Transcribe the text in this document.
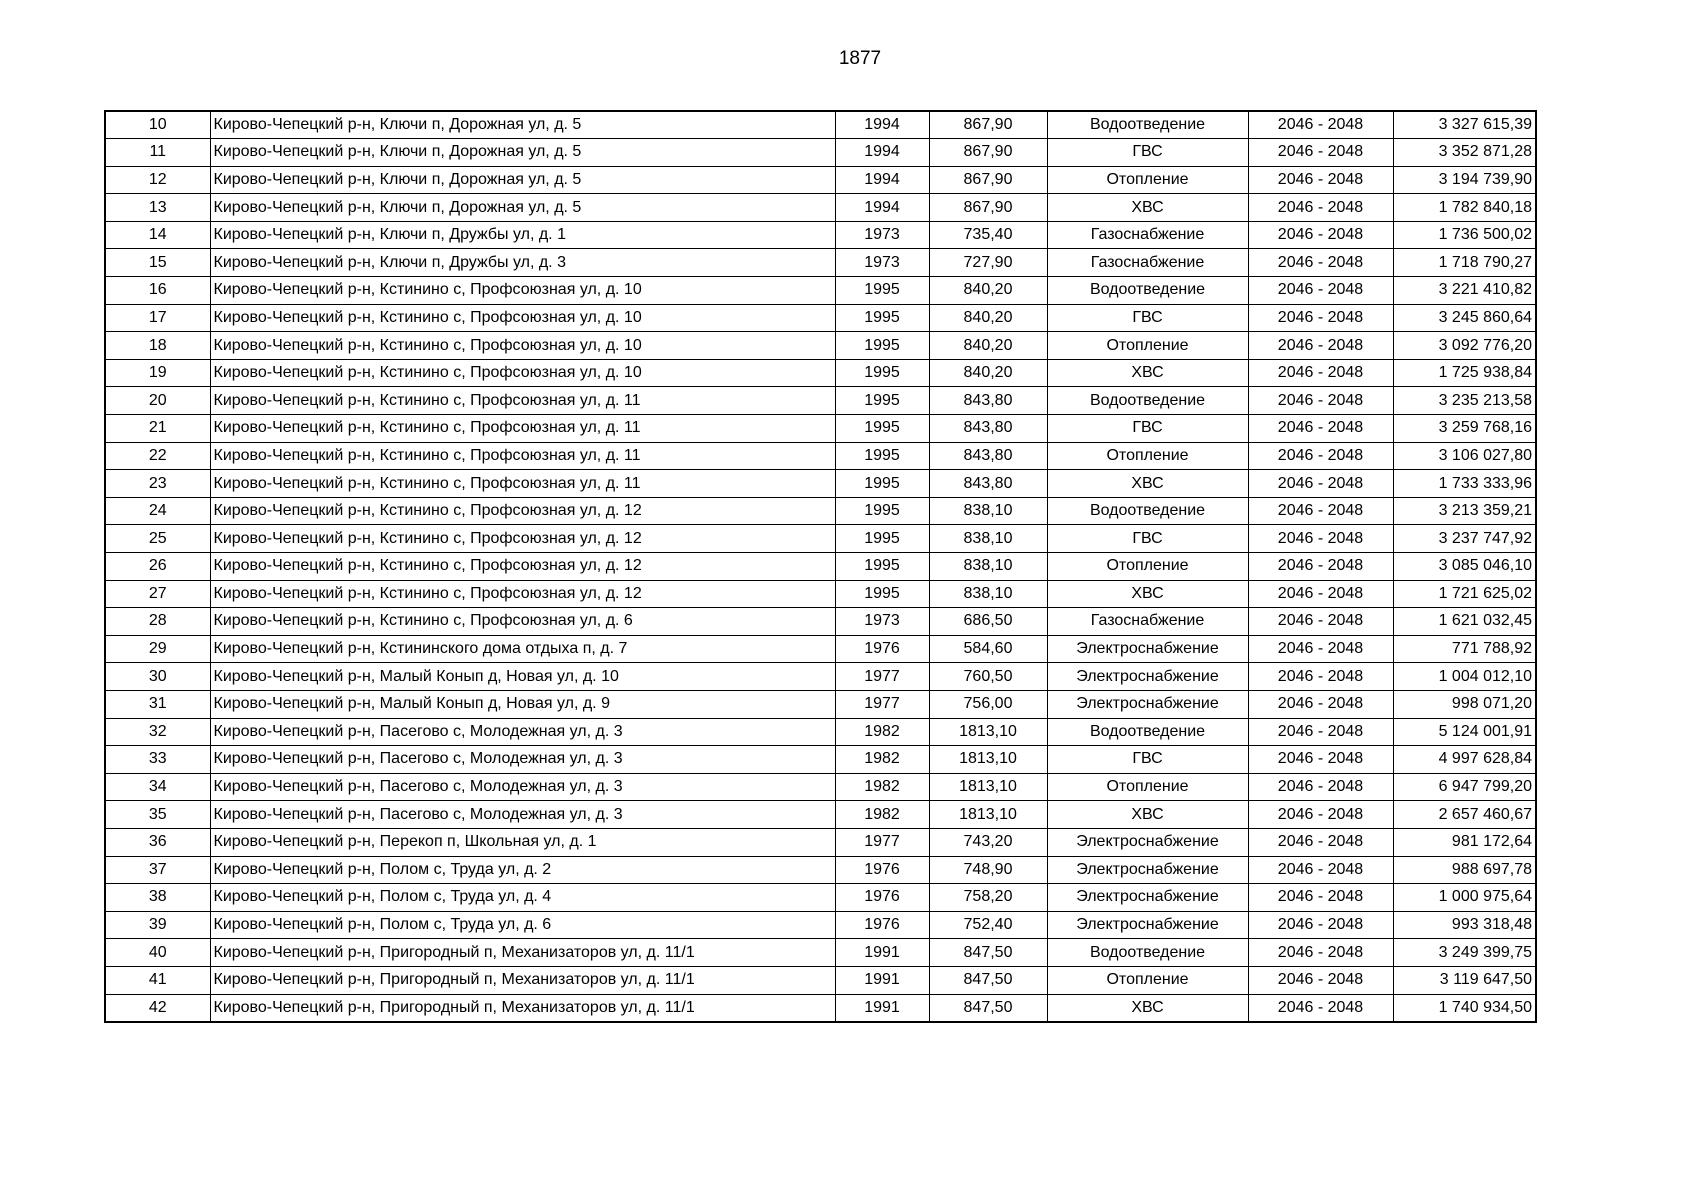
1877
10	Кирово-Чепецкий р-н, Ключи п, Дорожная ул, д. 5	1994	867,90	Водоотведение	2046 - 2048	3 327 615,39
11	Кирово-Чепецкий р-н, Ключи п, Дорожная ул, д. 5	1994	867,90	ГВС	2046 - 2048	3 352 871,28
12	Кирово-Чепецкий р-н, Ключи п, Дорожная ул, д. 5	1994	867,90	Отопление	2046 - 2048	3 194 739,90
13	Кирово-Чепецкий р-н, Ключи п, Дорожная ул, д. 5	1994	867,90	ХВС	2046 - 2048	1 782 840,18
14	Кирово-Чепецкий р-н, Ключи п, Дружбы ул, д. 1	1973	735,40	Газоснабжение	2046 - 2048	1 736 500,02
15	Кирово-Чепецкий р-н, Ключи п, Дружбы ул, д. 3	1973	727,90	Газоснабжение	2046 - 2048	1 718 790,27
16	Кирово-Чепецкий р-н, Кстинино с, Профсоюзная ул, д. 10	1995	840,20	Водоотведение	2046 - 2048	3 221 410,82
17	Кирово-Чепецкий р-н, Кстинино с, Профсоюзная ул, д. 10	1995	840,20	ГВС	2046 - 2048	3 245 860,64
18	Кирово-Чепецкий р-н, Кстинино с, Профсоюзная ул, д. 10	1995	840,20	Отопление	2046 - 2048	3 092 776,20
19	Кирово-Чепецкий р-н, Кстинино с, Профсоюзная ул, д. 10	1995	840,20	ХВС	2046 - 2048	1 725 938,84
20	Кирово-Чепецкий р-н, Кстинино с, Профсоюзная ул, д. 11	1995	843,80	Водоотведение	2046 - 2048	3 235 213,58
21	Кирово-Чепецкий р-н, Кстинино с, Профсоюзная ул, д. 11	1995	843,80	ГВС	2046 - 2048	3 259 768,16
22	Кирово-Чепецкий р-н, Кстинино с, Профсоюзная ул, д. 11	1995	843,80	Отопление	2046 - 2048	3 106 027,80
23	Кирово-Чепецкий р-н, Кстинино с, Профсоюзная ул, д. 11	1995	843,80	ХВС	2046 - 2048	1 733 333,96
24	Кирово-Чепецкий р-н, Кстинино с, Профсоюзная ул, д. 12	1995	838,10	Водоотведение	2046 - 2048	3 213 359,21
25	Кирово-Чепецкий р-н, Кстинино с, Профсоюзная ул, д. 12	1995	838,10	ГВС	2046 - 2048	3 237 747,92
26	Кирово-Чепецкий р-н, Кстинино с, Профсоюзная ул, д. 12	1995	838,10	Отопление	2046 - 2048	3 085 046,10
27	Кирово-Чепецкий р-н, Кстинино с, Профсоюзная ул, д. 12	1995	838,10	ХВС	2046 - 2048	1 721 625,02
28	Кирово-Чепецкий р-н, Кстинино с, Профсоюзная ул, д. 6	1973	686,50	Газоснабжение	2046 - 2048	1 621 032,45
29	Кирово-Чепецкий р-н, Кстининского дома отдыха п, д. 7	1976	584,60	Электроснабжение	2046 - 2048	771 788,92
30	Кирово-Чепецкий р-н, Малый Конып д, Новая ул, д. 10	1977	760,50	Электроснабжение	2046 - 2048	1 004 012,10
31	Кирово-Чепецкий р-н, Малый Конып д, Новая ул, д. 9	1977	756,00	Электроснабжение	2046 - 2048	998 071,20
32	Кирово-Чепецкий р-н, Пасегово с, Молодежная ул, д. 3	1982	1813,10	Водоотведение	2046 - 2048	5 124 001,91
33	Кирово-Чепецкий р-н, Пасегово с, Молодежная ул, д. 3	1982	1813,10	ГВС	2046 - 2048	4 997 628,84
34	Кирово-Чепецкий р-н, Пасегово с, Молодежная ул, д. 3	1982	1813,10	Отопление	2046 - 2048	6 947 799,20
35	Кирово-Чепецкий р-н, Пасегово с, Молодежная ул, д. 3	1982	1813,10	ХВС	2046 - 2048	2 657 460,67
36	Кирово-Чепецкий р-н, Перекоп п, Школьная ул, д. 1	1977	743,20	Электроснабжение	2046 - 2048	981 172,64
37	Кирово-Чепецкий р-н, Полом с, Труда ул, д. 2	1976	748,90	Электроснабжение	2046 - 2048	988 697,78
38	Кирово-Чепецкий р-н, Полом с, Труда ул, д. 4	1976	758,20	Электроснабжение	2046 - 2048	1 000 975,64
39	Кирово-Чепецкий р-н, Полом с, Труда ул, д. 6	1976	752,40	Электроснабжение	2046 - 2048	993 318,48
40	Кирово-Чепецкий р-н, Пригородный п, Механизаторов ул, д. 11/1	1991	847,50	Водоотведение	2046 - 2048	3 249 399,75
41	Кирово-Чепецкий р-н, Пригородный п, Механизаторов ул, д. 11/1	1991	847,50	Отопление	2046 - 2048	3 119 647,50
42	Кирово-Чепецкий р-н, Пригородный п, Механизаторов ул, д. 11/1	1991	847,50	ХВС	2046 - 2048	1 740 934,50
